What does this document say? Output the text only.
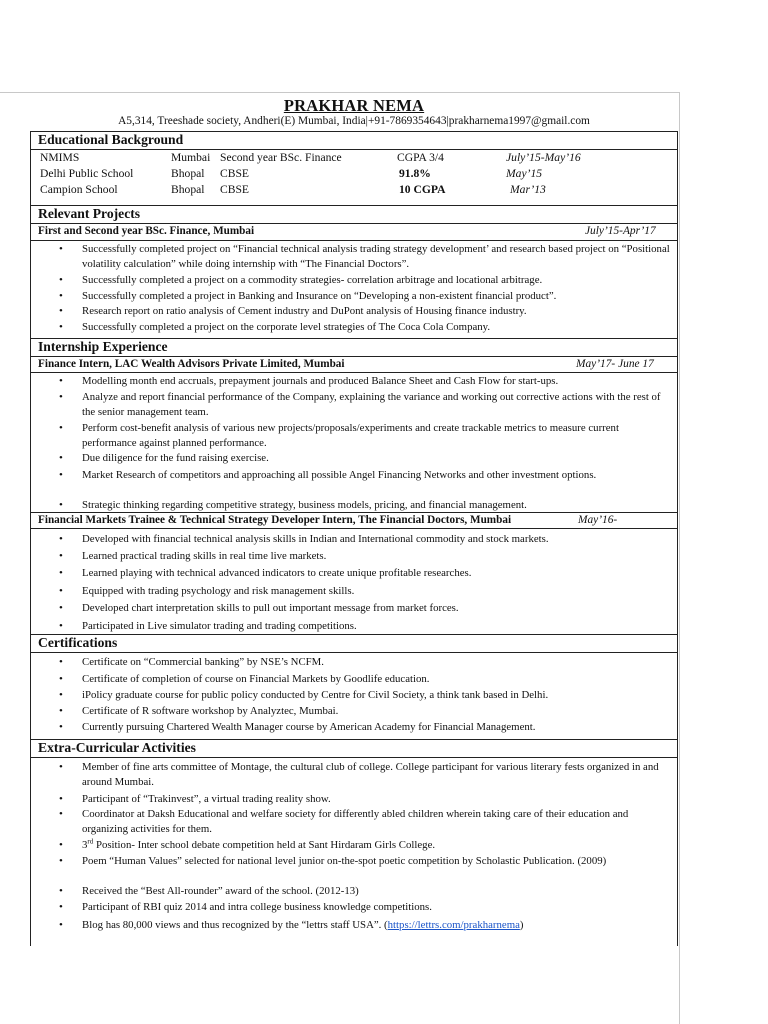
PRAKHAR NEMA
A5,314, Treeshade society, Andheri(E) Mumbai, India|+91-7869354643|prakharnema1997@gmail.com
Educational Background
NMIMS	Mumbai Second year BSc. Finance	CGPA 3/4	July’15-May’16
Delhi Public School	Bhopal CBSE	91.8%	May’15
Campion School	Bhopal CBSE	10 CGPA	Mar’13
Relevant Projects
First and Second year BSc. Finance, Mumbai	July’15-Apr’17
•	Successfully completed project on “Financial technical analysis trading strategy development’ and research based project on “Positional volatility calculation” while doing internship with “The Financial Doctors”.
•	Successfully completed a project on a commodity strategies- correlation arbitrage and locational arbitrage.
•	Successfully completed a project in Banking and Insurance on “Developing a non-existent financial product”.
•	Research report on ratio analysis of Cement industry and DuPont analysis of Housing finance industry.
•	Successfully completed a project on the corporate level strategies of The Coca Cola Company.
Internship Experience
Finance Intern, LAC Wealth Advisors Private Limited, Mumbai	May’17- June 17
•	Modelling month end accruals, prepayment journals and produced Balance Sheet and Cash Flow for start-ups.
•	Analyze and report financial performance of the Company, explaining the variance and working out corrective actions with the rest of the senior management team.
•	Perform cost-benefit analysis of various new projects/proposals/experiments and create trackable metrics to measure current performance against planned performance.
•	Due diligence for the fund raising exercise.
•	Market Research of competitors and approaching all possible Angel Financing Networks and other investment options.
•	Strategic thinking regarding competitive strategy, business models, pricing, and financial management.
Financial Markets Trainee & Technical Strategy Developer Intern, The Financial Doctors, Mumbai	May’16-
•	Developed with financial technical analysis skills in Indian and International commodity and stock markets.
•	Learned practical trading skills in real time live markets.
•	Learned playing with technical advanced indicators to create unique profitable researches.
•	Equipped with trading psychology and risk management skills.
•	Developed chart interpretation skills to pull out important message from market forces.
•	Participated in Live simulator trading and trading competitions.
Certifications
•	Certificate on “Commercial banking” by NSE’s NCFM.
•	Certificate of completion of course on Financial Markets by Goodlife education.
•	iPolicy graduate course for public policy conducted by Centre for Civil Society, a think tank based in Delhi.
•	Certificate of R software workshop by Analyztec, Mumbai.
•	Currently pursuing Chartered Wealth Manager course by American Academy for Financial Management.
Extra-Curricular Activities
•	Member of fine arts committee of Montage, the cultural club of college. College participant for various literary fests organized in and around Mumbai.
•	Participant of “Trakinvest”, a virtual trading reality show.
•	Coordinator at Daksh Educational and welfare society for differently abled children wherein taking care of their education and organizing activities for them.
•	3rd Position- Inter school debate competition held at Sant Hirdaram Girls College.
•	Poem “Human Values” selected for national level junior on-the-spot poetic competition by Scholastic Publication. (2009)
•	Received the “Best All-rounder” award of the school. (2012-13)
•	Participant of RBI quiz 2014 and intra college business knowledge competitions.
•	Blog has 80,000 views and thus recognized by the “lettrs staff USA”. (https://lettrs.com/prakharnema)
